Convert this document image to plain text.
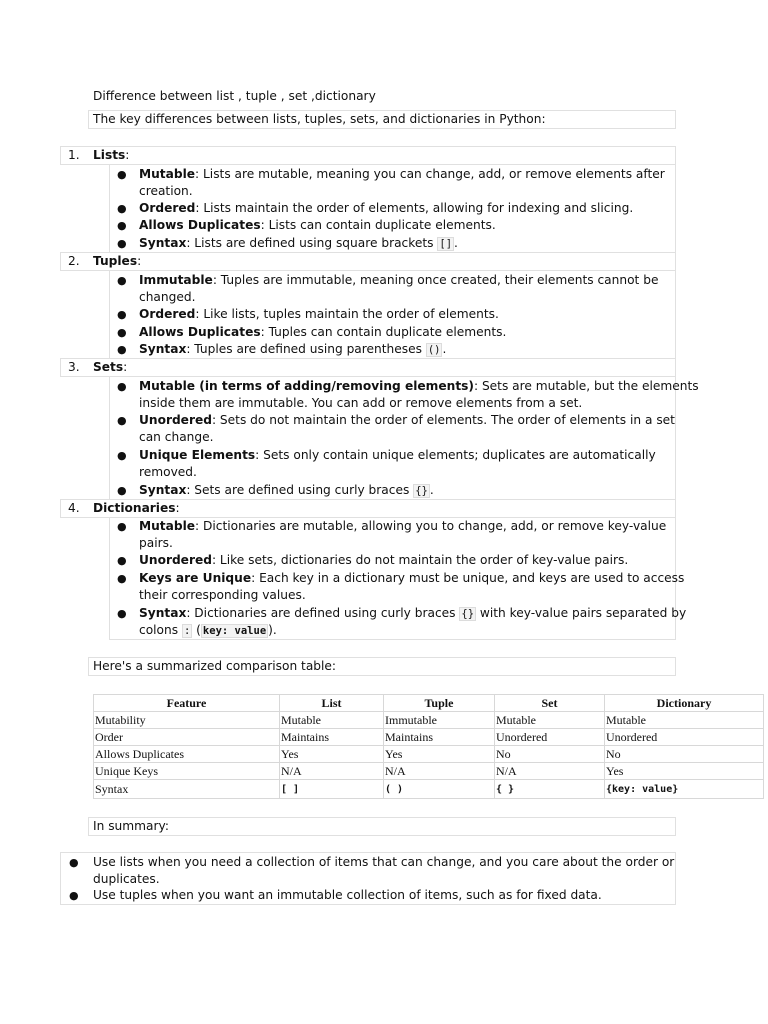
Difference between list , tuple , set ,dictionary
The key differences between lists, tuples, sets, and dictionaries in Python:
1. Lists:
● Mutable: Lists are mutable, meaning you can change, add, or remove elements after
creation.
● Ordered: Lists maintain the order of elements, allowing for indexing and slicing.
● Allows Duplicates: Lists can contain duplicate elements.
● Syntax: Lists are defined using square brackets [] .
2. Tuples:
● Immutable: Tuples are immutable, meaning once created, their elements cannot be
changed.
● Ordered: Like lists, tuples maintain the order of elements.
● Allows Duplicates: Tuples can contain duplicate elements.
● Syntax: Tuples are defined using parentheses () .
3. Sets:
● Mutable (in terms of adding/removing elements): Sets are mutable, but the elements
inside them are immutable. You can add or remove elements from a set.
● Unordered: Sets do not maintain the order of elements. The order of elements in a set
can change.
● Unique Elements: Sets only contain unique elements; duplicates are automatically
removed.
● Syntax: Sets are defined using curly braces {} .
4. Dictionaries:
● Mutable: Dictionaries are mutable, allowing you to change, add, or remove key-value
pairs.
● Unordered: Like sets, dictionaries do not maintain the order of key-value pairs.
● Keys are Unique: Each key in a dictionary must be unique, and keys are used to access
their corresponding values.
● Syntax: Dictionaries are defined using curly braces {} with key-value pairs separated by
colons : ( key: value ).
Here's a summarized comparison table:
Feature	List	Tuple	Set	Dictionary
Mutability	Mutable	Immutable	Mutable	Mutable
Order	Maintains	Maintains	Unordered	Unordered
Allows Duplicates	Yes	Yes	No	No
Unique Keys	N/A	N/A	N/A	Yes
Syntax	[ ]	( )	{ }	{key: value}
In summary:
● Use lists when you need a collection of items that can change, and you care about the order or
duplicates.
● Use tuples when you want an immutable collection of items, such as for fixed data.
